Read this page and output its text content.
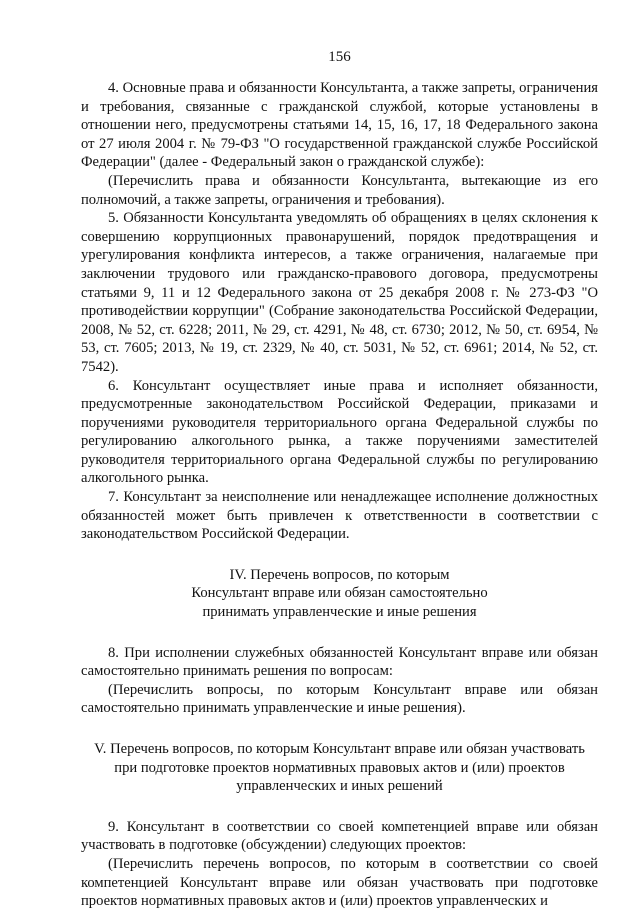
156

4. Основные права и обязанности Консультанта, а также запреты, ограничения и требования, связанные с гражданской службой, которые установлены в отношении него, предусмотрены статьями 14, 15, 16, 17, 18 Федерального закона от 27 июля 2004 г. № 79-ФЗ "О государственной гражданской службе Российской Федерации" (далее - Федеральный закон о гражданской службе):

(Перечислить права и обязанности Консультанта, вытекающие из его полномочий, а также запреты, ограничения и требования).

5. Обязанности Консультанта уведомлять об обращениях в целях склонения к совершению коррупционных правонарушений, порядок предотвращения и урегулирования конфликта интересов, а также ограничения, налагаемые при заключении трудового или гражданско-правового договора, предусмотрены статьями 9, 11 и 12 Федерального закона от 25 декабря 2008 г. № 273-ФЗ "О противодействии коррупции" (Собрание законодательства Российской Федерации, 2008, № 52, ст. 6228; 2011, № 29, ст. 4291, № 48, ст. 6730; 2012, № 50, ст. 6954, № 53, ст. 7605; 2013, № 19, ст. 2329, № 40, ст. 5031, № 52, ст. 6961; 2014, № 52, ст. 7542).

6. Консультант осуществляет иные права и исполняет обязанности, предусмотренные законодательством Российской Федерации, приказами и поручениями руководителя территориального органа Федеральной службы по регулированию алкогольного рынка, а также поручениями заместителей руководителя территориального органа Федеральной службы по регулированию алкогольного рынка.

7. Консультант за неисполнение или ненадлежащее исполнение должностных обязанностей может быть привлечен к ответственности в соответствии с законодательством Российской Федерации.

IV. Перечень вопросов, по которым
Консультант вправе или обязан самостоятельно
принимать управленческие и иные решения

8. При исполнении служебных обязанностей Консультант вправе или обязан самостоятельно принимать решения по вопросам:

(Перечислить вопросы, по которым Консультант вправе или обязан самостоятельно принимать управленческие и иные решения).

V. Перечень вопросов, по которым Консультант вправе или обязан участвовать
при подготовке проектов нормативных правовых актов и (или) проектов
управленческих и иных решений

9. Консультант в соответствии со своей компетенцией вправе или обязан участвовать в подготовке (обсуждении) следующих проектов:

(Перечислить перечень вопросов, по которым в соответствии со своей компетенцией Консультант вправе или обязан участвовать при подготовке проектов нормативных правовых актов и (или) проектов управленческих и
